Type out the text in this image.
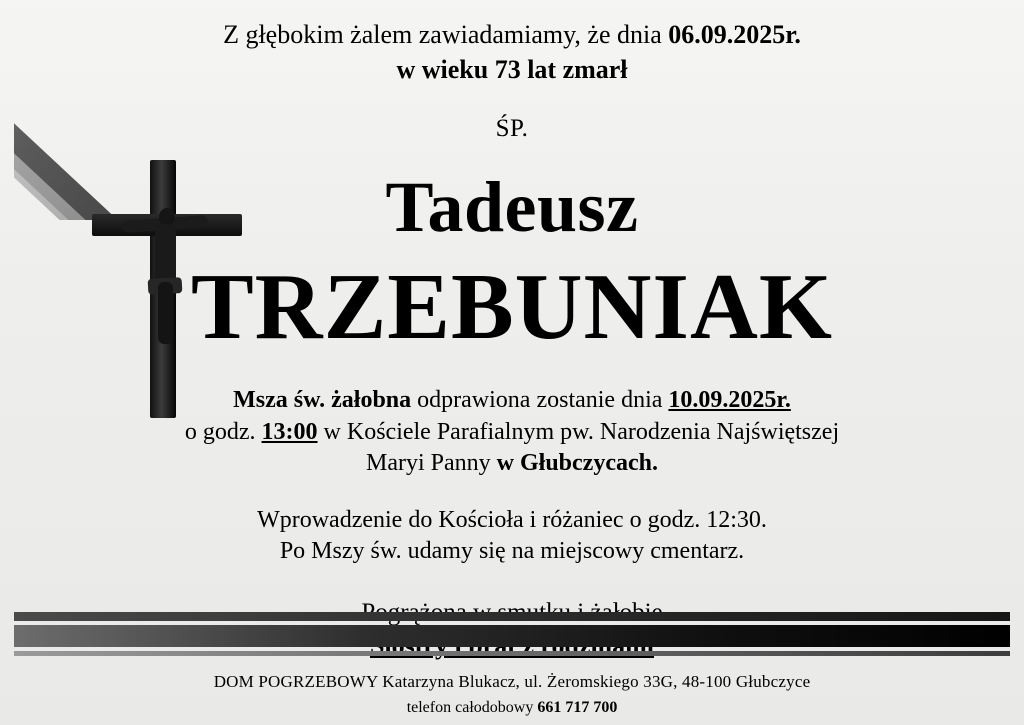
Z głębokim żalem zawiadamiamy, że dnia 06.09.2025r.
w wieku 73 lat zmarł
ŚP.
Tadeusz
TRZEBUNIAK
Msza św. żałobna odprawiona zostanie dnia 10.09.2025r.
o godz. 13:00 w Kościele Parafialnym pw. Narodzenia Najświętszej
Maryi Panny w Głubczycach.
Wprowadzenie do Kościoła i różaniec o godz. 12:30.
Po Mszy św. udamy się na miejscowy cmentarz.
DOM POGRZEBOWY Katarzyna Blukacz, ul. Żeromskiego 33G, 48-100 Głubczyce
telefon całodobowy 661 717 700
